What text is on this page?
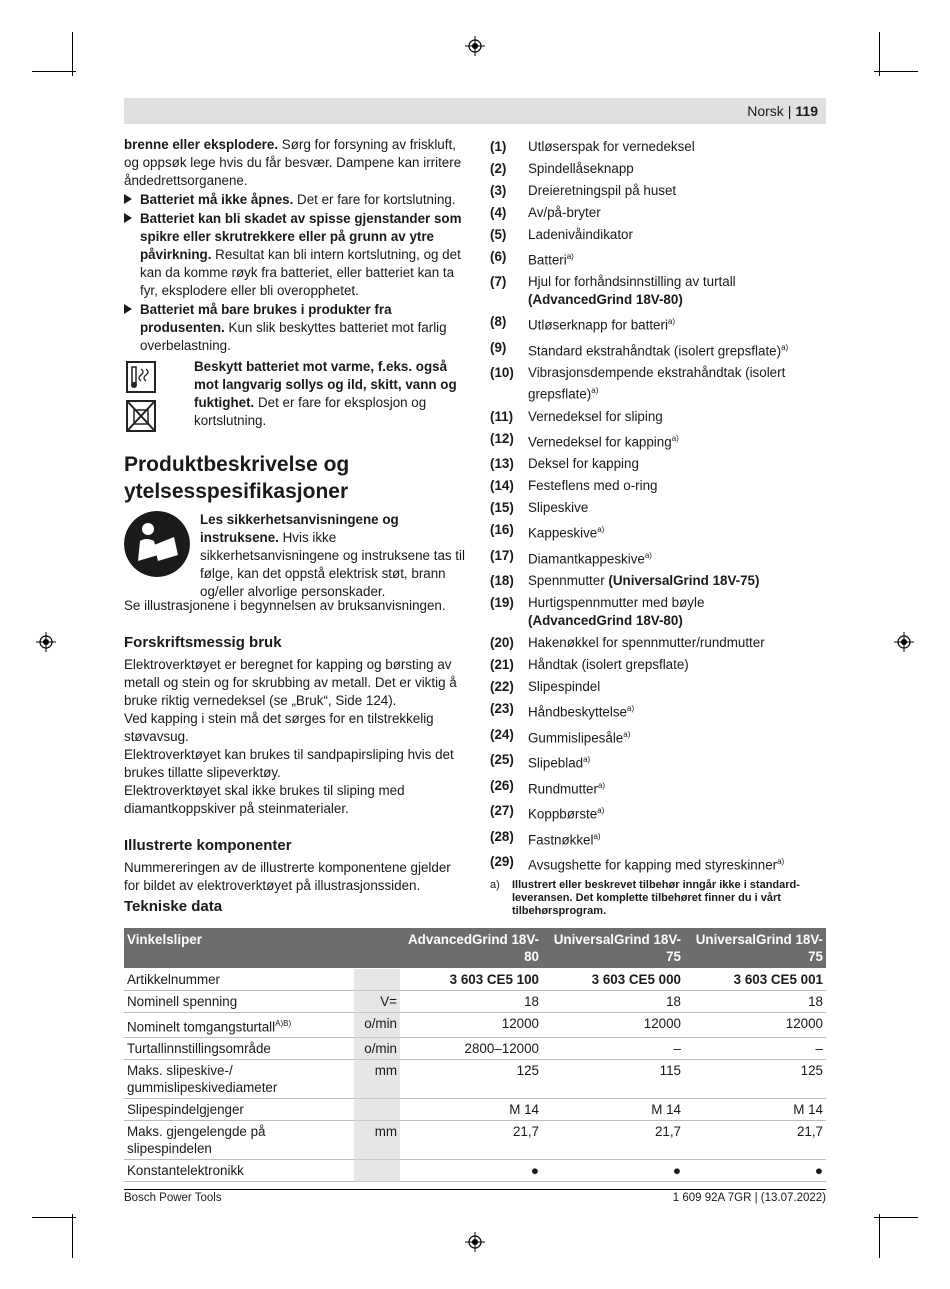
Norsk | 119

brenne eller eksplodere. Sørg for forsyning av friskluft, og oppsøk lege hvis du får besvær. Dampene kan irritere åndedrettsorganene.

Batteriet må ikke åpnes. Det er fare for kortslutning.
Batteriet kan bli skadet av spisse gjenstander som spikre eller skrutrekkere eller på grunn av ytre påvirkning. Resultat kan bli intern kortslutning, og det kan da komme røyk fra batteriet, eller batteriet kan ta fyr, eksplodere eller bli overopphetet.
Batteriet må bare brukes i produkter fra produsenten. Kun slik beskyttes batteriet mot farlig overbelastning.

Beskytt batteriet mot varme, f.eks. også mot langvarig sollys og ild, skitt, vann og fuktighet. Det er fare for eksplosjon og kortslutning.
Produktbeskrivelse og ytelsesspesifikasjoner
Les sikkerhetsanvisningene og instruksene. Hvis ikke sikkerhetsanvisningene og instruksene tas til følge, kan det oppstå elektrisk støt, brann og/eller alvorlige personskader.

Se illustrasjonene i begynnelsen av bruksanvisningen.

Forskriftsmessig bruk

Elektroverktøyet er beregnet for kapping og børsting av metall og stein og for skrubbing av metall. Det er viktig å bruke riktig vernedeksel (se „Bruk“, Side 124).

Ved kapping i stein må det sørges for en tilstrekkelig støvavsug.

Elektroverktøyet kan brukes til sandpapirsliping hvis det brukes tillatte slipeverktøy.

Elektroverktøyet skal ikke brukes til sliping med diamantkoppskiver på steinmaterialer.

Illustrerte komponenter

Nummereringen av de illustrerte komponentene gjelder for bildet av elektroverktøyet på illustrasjonssiden.

(1) Utløserspak for vernedeksel
(2) Spindellåseknapp
(3) Dreieretningspil på huset
(4) Av/på-bryter
(5) Ladenivåindikator
(6) Batteri$^{a)}$
(7) Hjul for forhåndsinnstilling av turtall
(AdvancedGrind 18V-80)
(8) Utløserknapp for batteri$^{a)}$
(9) Standard ekstrahåndtak (isolert grepsflate)$^{a)}$
(10) Vibrasjonsdempende ekstrahåndtak (isolert grepsflate)$^{a)}$
(11) Vernedeksel for sliping
(12) Vernedeksel for kapping$^{a)}$
(13) Deksel for kapping
(14) Festeflens med o-ring
(15) Slipeskive
(16) Kappeskive$^{a)}$
(17) Diamantkappeskive$^{a)}$
(18) Spennmutter (UniversalGrind 18V-75)
(19) Hurtigspennmutter med bøyle
(AdvancedGrind 18V-80)
(20) Hakenøkkel for spennmutter/rundmutter
(21) Håndtak (isolert grepsflate)
(22) Slipespindel
(23) Håndbeskyttelse$^{a)}$
(24) Gummislipesåle$^{a)}$
(25) Slipeblad$^{a)}$
(26) Rundmutter$^{a)}$
(27) Koppbørste$^{a)}$
(28) Fastnøkkel$^{a)}$
(29) Avsugshette for kapping med styreskinner$^{a)}$
a) Illustrert eller beskrevet tilbehør inngår ikke i standard-leveransen. Det komplette tilbehøret finner du i vårt tilbehørsprogram.
Tekniske data
Vinkelsliper		AdvancedGrind 18V-80	UniversalGrind 18V-75	UniversalGrind 18V-75
Artikkelnummer		3 603 CE5 100	3 603 CE5 000	3 603 CE5 001
Nominell spenning	V=	18	18	18
Nominelt tomgangsturtall$^{A)B)}$	o/min	12000	12000	12000
Turtallinnstillingsområde	o/min	2800–12000	–	–
Maks. slipeskive-/ gummislipeskivediameter	mm	125	115	125
Slipespindelgjenger		M 14	M 14	M 14
Maks. gjengelengde på slipespindelen	mm	21,7	21,7	21,7
Konstantelektronikk		●	●	●
Bosch Power Tools	1 609 92A 7GR | (13.07.2022)
